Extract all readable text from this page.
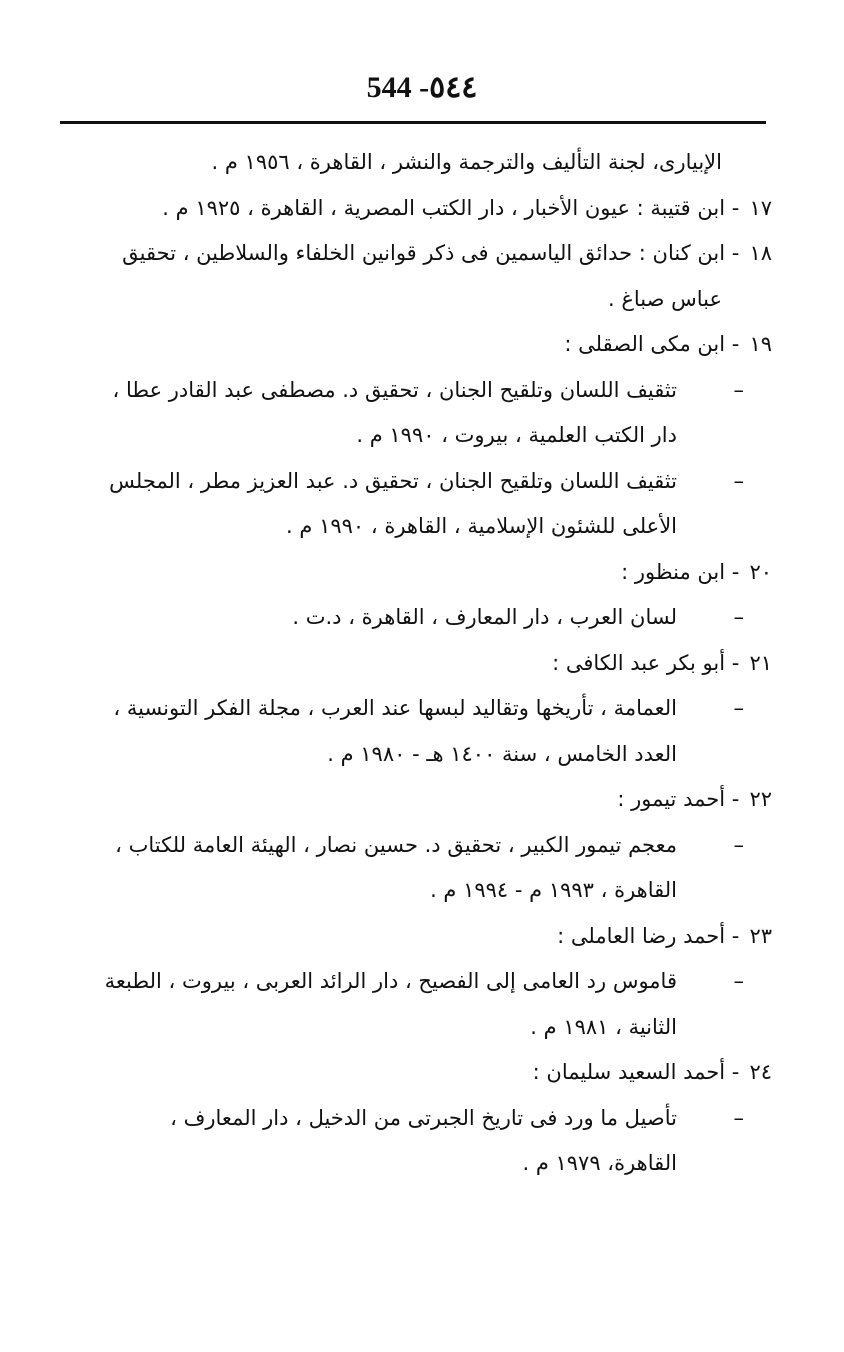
544 -٥٤٤
الإبيارى، لجنة التأليف والترجمة والنشر ، القاهرة ، ١٩٥٦ م .
١٧ - ابن قتيبة : عيون الأخبار ، دار الكتب المصرية ، القاهرة ، ١٩٢٥ م .
١٨ - ابن كنان : حدائق الياسمين فى ذكر قوانين الخلفاء والسلاطين ، تحقيق
عباس صباغ .
١٩ - ابن مكى الصقلى :
–
تثقيف اللسان وتلقيح الجنان ، تحقيق د. مصطفى عبد القادر عطا ،
دار الكتب العلمية ، بيروت ، ١٩٩٠ م .
–
تثقيف اللسان وتلقيح الجنان ، تحقيق د. عبد العزيز مطر ، المجلس
الأعلى للشئون الإسلامية ، القاهرة ، ١٩٩٠ م .
٢٠ - ابن منظور :
–
لسان العرب ، دار المعارف ، القاهرة ، د.ت .
٢١ - أبو بكر عبد الكافى :
–
العمامة ، تأريخها وتقاليد لبسها عند العرب ، مجلة الفكر التونسية ،
العدد الخامس ، سنة ١٤٠٠ هـ - ١٩٨٠ م .
٢٢ - أحمد تيمور :
–
معجم تيمور الكبير ، تحقيق د. حسين نصار ، الهيئة العامة للكتاب ،
القاهرة ، ١٩٩٣ م - ١٩٩٤ م .
٢٣ - أحمد رضا العاملى :
–
قاموس رد العامى إلى الفصيح ، دار الرائد العربى ، بيروت ، الطبعة
الثانية ، ١٩٨١ م .
٢٤ - أحمد السعيد سليمان :
–
تأصيل ما ورد فى تاريخ الجبرتى من الدخيل ، دار المعارف ،
القاهرة، ١٩٧٩ م .
